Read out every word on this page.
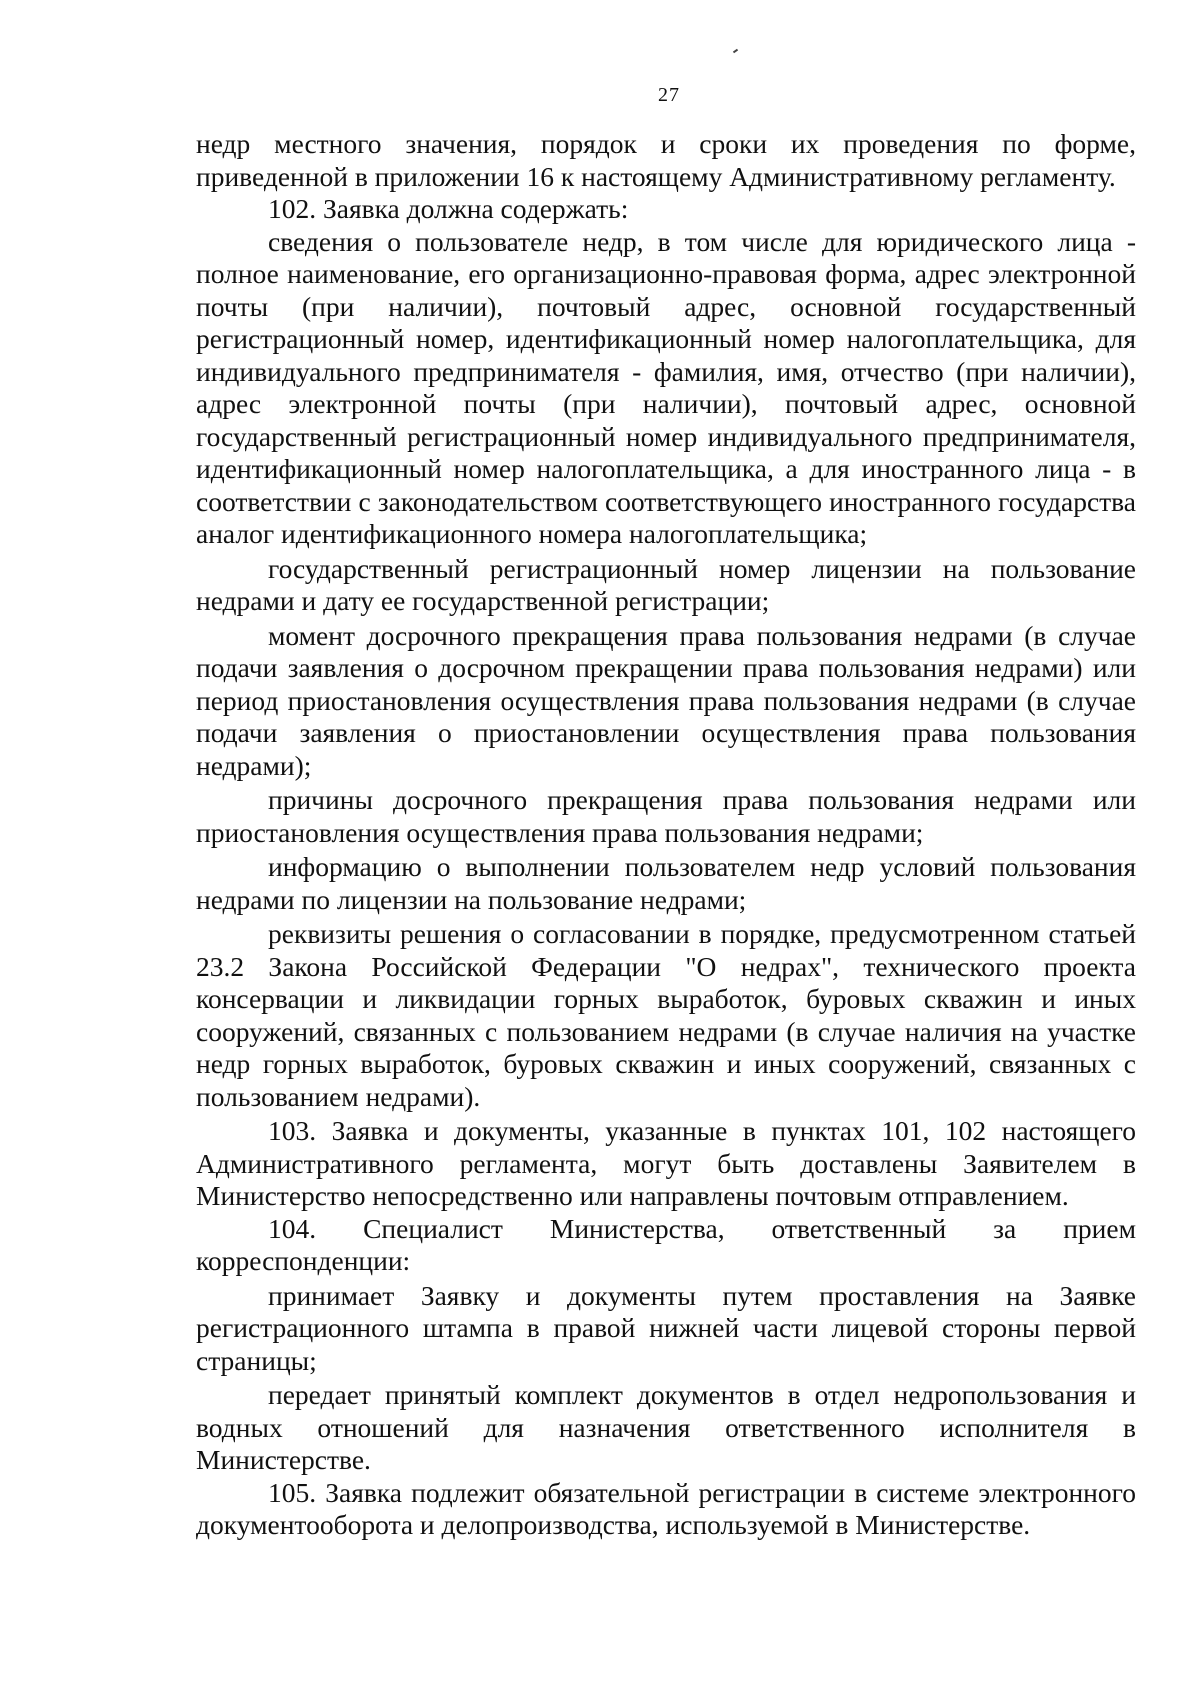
27

недр местного значения, порядок и сроки их проведения по форме, приведенной в приложении 16 к настоящему Административному регламенту.

102. Заявка должна содержать:

сведения о пользователе недр, в том числе для юридического лица - полное наименование, его организационно-правовая форма, адрес электронной почты (при наличии), почтовый адрес, основной государственный регистрационный номер, идентификационный номер налогоплательщика, для индивидуального предпринимателя - фамилия, имя, отчество (при наличии), адрес электронной почты (при наличии), почтовый адрес, основной государственный регистрационный номер индивидуального предпринимателя, идентификационный номер налогоплательщика, а для иностранного лица - в соответствии с законодательством соответствующего иностранного государства аналог идентификационного номера налогоплательщика;

государственный регистрационный номер лицензии на пользование недрами и дату ее государственной регистрации;

момент досрочного прекращения права пользования недрами (в случае подачи заявления о досрочном прекращении права пользования недрами) или период приостановления осуществления права пользования недрами (в случае подачи заявления о приостановлении осуществления права пользования недрами);

причины досрочного прекращения права пользования недрами или приостановления осуществления права пользования недрами;

информацию о выполнении пользователем недр условий пользования недрами по лицензии на пользование недрами;

реквизиты решения о согласовании в порядке, предусмотренном статьей 23.2 Закона Российской Федерации "О недрах", технического проекта консервации и ликвидации горных выработок, буровых скважин и иных сооружений, связанных с пользованием недрами (в случае наличия на участке недр горных выработок, буровых скважин и иных сооружений, связанных с пользованием недрами).

103. Заявка и документы, указанные в пунктах 101, 102 настоящего Административного регламента, могут быть доставлены Заявителем в Министерство непосредственно или направлены почтовым отправлением.

104. Специалист Министерства, ответственный за прием корреспонденции:

принимает Заявку и документы путем проставления на Заявке регистрационного штампа в правой нижней части лицевой стороны первой страницы;

передает принятый комплект документов в отдел недропользования и водных отношений для назначения ответственного исполнителя в Министерстве.

105. Заявка подлежит обязательной регистрации в системе электронного документооборота и делопроизводства, используемой в Министерстве.
